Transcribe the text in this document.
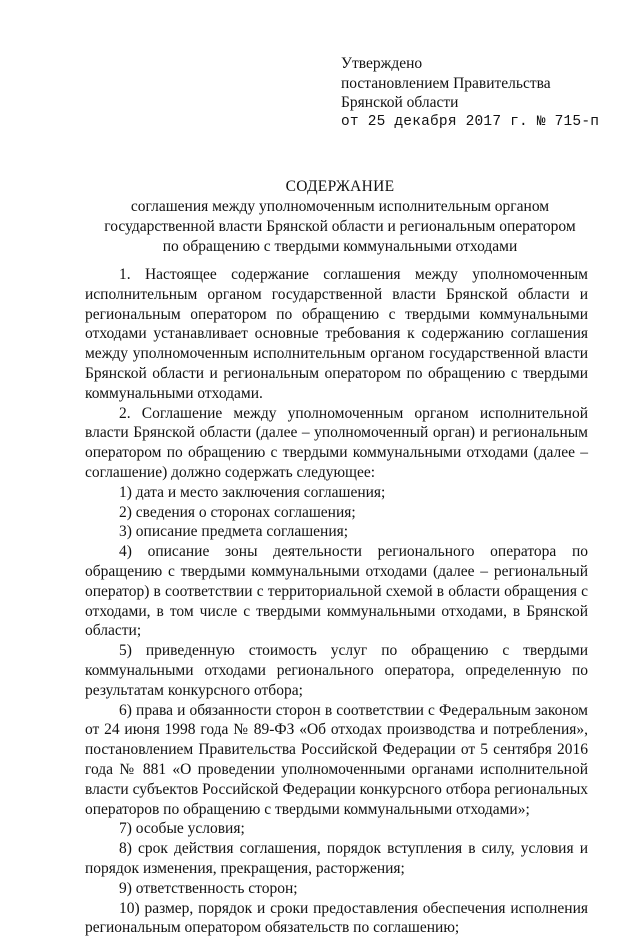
Утверждено
постановлением Правительства
Брянской области
от 25 декабря 2017 г. № 715-п
СОДЕРЖАНИЕ
соглашения между уполномоченным исполнительным органом
государственной власти Брянской области и региональным оператором
по обращению с твердыми коммунальными отходами

1. Настоящее содержание соглашения между уполномоченным исполнительным органом государственной власти Брянской области и региональным оператором по обращению с твердыми коммунальными отходами устанавливает основные требования к содержанию соглашения между уполномоченным исполнительным органом государственной власти Брянской области и региональным оператором по обращению с твердыми коммунальными отходами.

2. Соглашение между уполномоченным органом исполнительной власти Брянской области (далее – уполномоченный орган) и региональным оператором по обращению с твердыми коммунальными отходами (далее – соглашение) должно содержать следующее:

1) дата и место заключения соглашения;

2) сведения о сторонах соглашения;

3) описание предмета соглашения;

4) описание зоны деятельности регионального оператора по обращению с твердыми коммунальными отходами (далее – региональный оператор) в соответствии с территориальной схемой в области обращения с отходами, в том числе с твердыми коммунальными отходами, в Брянской области;

5) приведенную стоимость услуг по обращению с твердыми коммунальными отходами регионального оператора, определенную по результатам конкурсного отбора;

6) права и обязанности сторон в соответствии с Федеральным законом от 24 июня 1998 года № 89-ФЗ «Об отходах производства и потребления», постановлением Правительства Российской Федерации от 5 сентября 2016 года № 881 «О проведении уполномоченными органами исполнительной власти субъектов Российской Федерации конкурсного отбора региональных операторов по обращению с твердыми коммунальными отходами»;

7) особые условия;

8) срок действия соглашения, порядок вступления в силу, условия и порядок изменения, прекращения, расторжения;

9) ответственность сторон;

10) размер, порядок и сроки предоставления обеспечения исполнения региональным оператором обязательств по соглашению;
